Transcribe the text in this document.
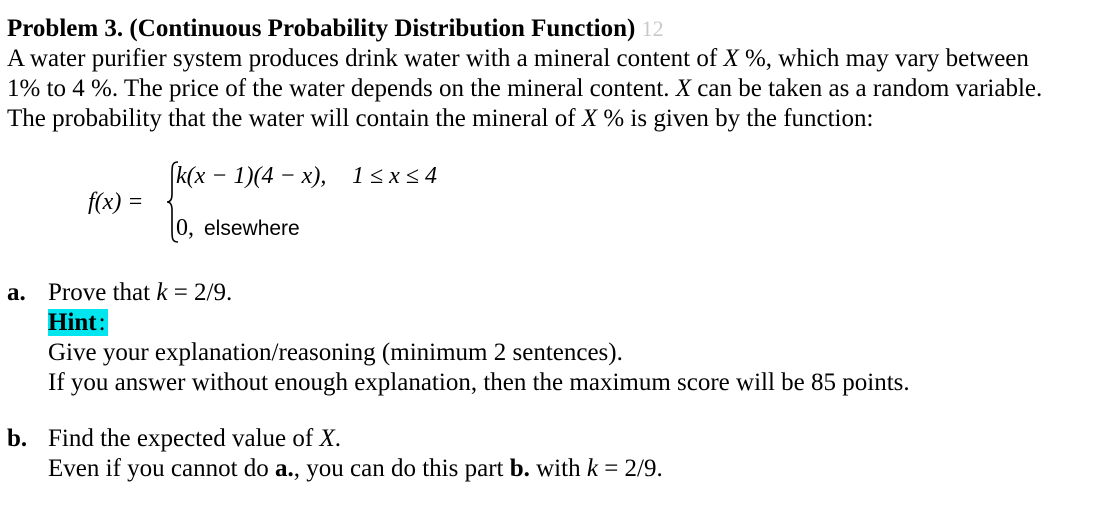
Problem 3. (Continuous Probability Distribution Function) 12
A water purifier system produces drink water with a mineral content of X %, which may vary between
1% to 4 %. The price of the water depends on the mineral content. X can be taken as a random variable.
The probability that the water will contain the mineral of X % is given by the function:
f(x) =
k(x − 1)(4 − x), 1 ≤ x ≤ 4
0, elsewhere
a. Prove that k = 2/9.
Hint:
Give your explanation/reasoning (minimum 2 sentences).
If you answer without enough explanation, then the maximum score will be 85 points.
b. Find the expected value of X.
Even if you cannot do a., you can do this part b. with k = 2/9.
